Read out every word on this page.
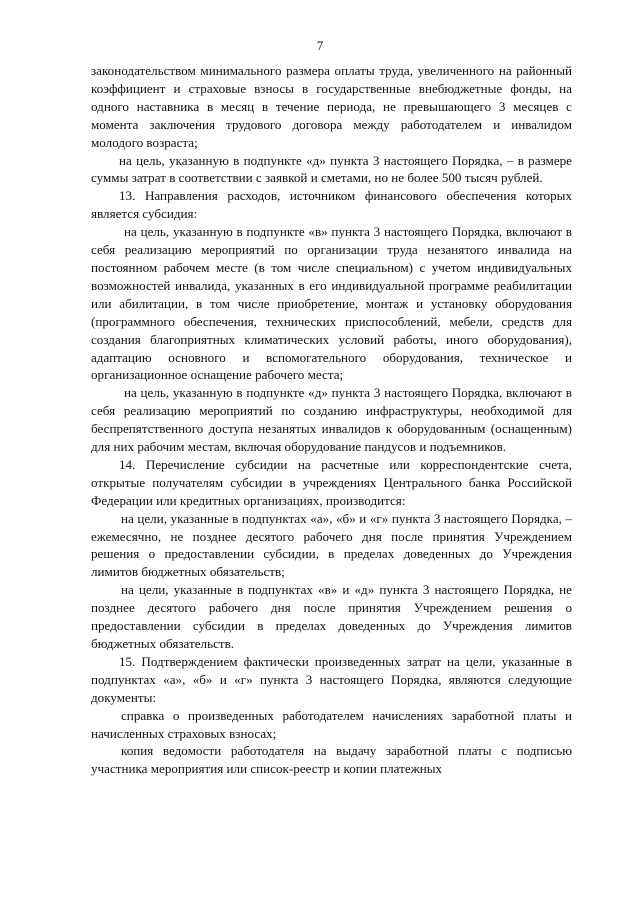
7

законодательством минимального размера оплаты труда, увеличенного на районный коэффициент и страховые взносы в государственные внебюджетные фонды, на одного наставника в месяц в течение периода, не превышающего 3 месяцев с момента заключения трудового договора между работодателем и инвалидом молодого возраста;

на цель, указанную в подпункте «д» пункта 3 настоящего Порядка, – в размере суммы затрат в соответствии с заявкой и сметами, но не более 500 тысяч рублей.

13. Направления расходов, источником финансового обеспечения которых является субсидия:

на цель, указанную в подпункте «в» пункта 3 настоящего Порядка, включают в себя реализацию мероприятий по организации труда незанятого инвалида на постоянном рабочем месте (в том числе специальном) с учетом индивидуальных возможностей инвалида, указанных в его индивидуальной программе реабилитации или абилитации, в том числе приобретение, монтаж и установку оборудования (программного обеспечения, технических приспособлений, мебели, средств для создания благоприятных климатических условий работы, иного оборудования), адаптацию основного и вспомогательного оборудования, техническое и организационное оснащение рабочего места;

на цель, указанную в подпункте «д» пункта 3 настоящего Порядка, включают в себя реализацию мероприятий по созданию инфраструктуры, необходимой для беспрепятственного доступа незанятых инвалидов к оборудованным (оснащенным) для них рабочим местам, включая оборудование пандусов и подъемников.

14. Перечисление субсидии на расчетные или корреспондентские счета, открытые получателям субсидии в учреждениях Центрального банка Российской Федерации или кредитных организациях, производится:

на цели, указанные в подпунктах «а», «б» и «г» пункта 3 настоящего Порядка, – ежемесячно, не позднее десятого рабочего дня после принятия Учреждением решения о предоставлении субсидии, в пределах доведенных до Учреждения лимитов бюджетных обязательств;

на цели, указанные в подпунктах «в» и «д» пункта 3 настоящего Порядка, не позднее десятого рабочего дня после принятия Учреждением решения о предоставлении субсидии в пределах доведенных до Учреждения лимитов бюджетных обязательств.

15. Подтверждением фактически произведенных затрат на цели, указанные в подпунктах «а», «б» и «г» пункта 3 настоящего Порядка, являются следующие документы:

справка о произведенных работодателем начислениях заработной платы и начисленных страховых взносах;

копия ведомости работодателя на выдачу заработной платы с подписью участника мероприятия или список-реестр и копии платежных
